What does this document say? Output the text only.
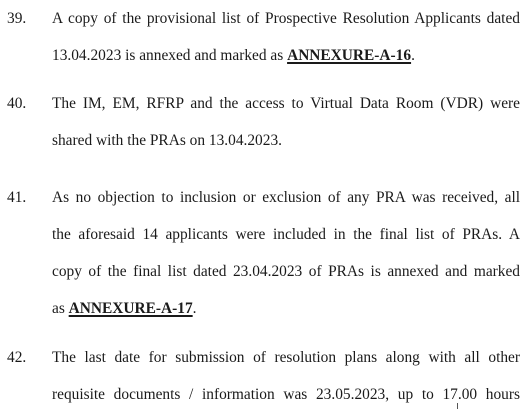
39. A copy of the provisional list of Prospective Resolution Applicants dated
13.04.2023 is annexed and marked as ANNEXURE-A-16.
40. The IM, EM, RFRP and the access to Virtual Data Room (VDR) were
shared with the PRAs on 13.04.2023.
41. As no objection to inclusion or exclusion of any PRA was received, all
the aforesaid 14 applicants were included in the final list of PRAs. A
copy of the final list dated 23.04.2023 of PRAs is annexed and marked
as ANNEXURE-A-17.
42. The last date for submission of resolution plans along with all other
requisite documents / information was 23.05.2023, up to 17.00 hours
